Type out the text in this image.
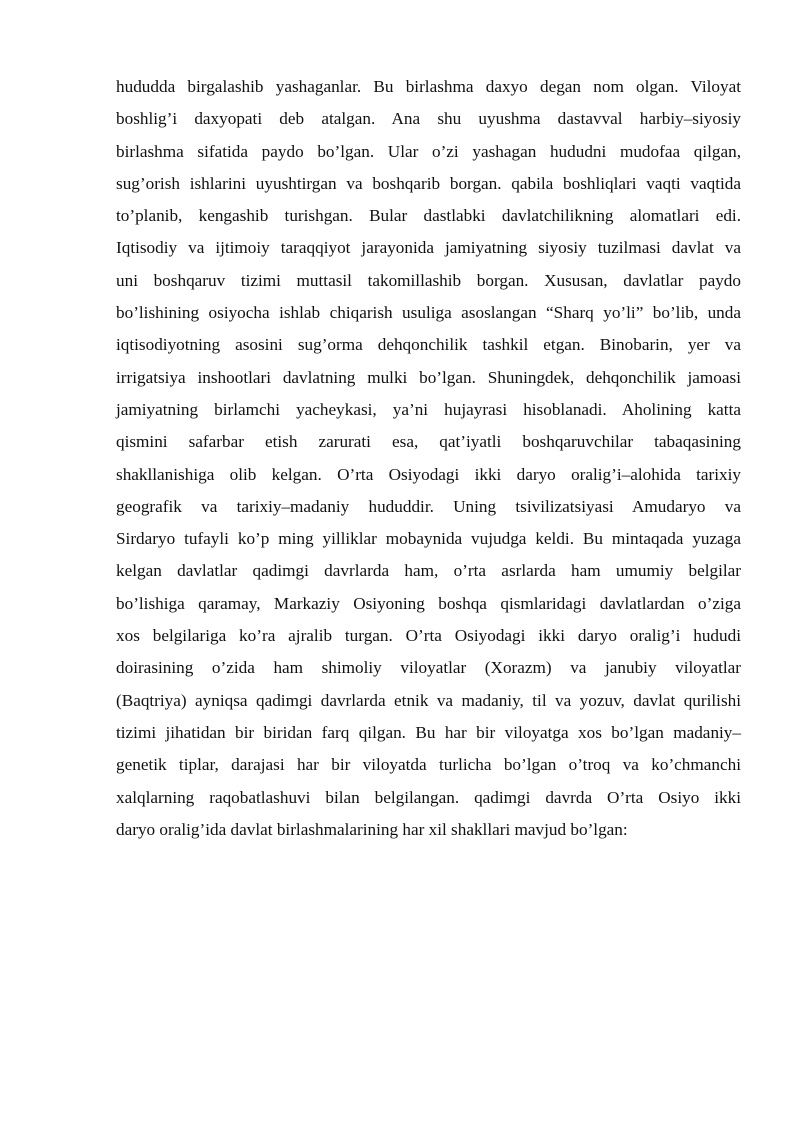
hududda birgalashib yashaganlar. Bu birlashma daxyo degan nom olgan. Viloyat
boshlig’i daxyopati deb atalgan. Ana shu uyushma dastavval harbiy–siyosiy
birlashma sifatida paydo bo’lgan. Ular o’zi yashagan hududni mudofaa qilgan,
sug’orish ishlarini uyushtirgan va boshqarib borgan. qabila boshliqlari vaqti vaqtida
to’planib, kengashib turishgan. Bular dastlabki davlatchilikning alomatlari edi.
Iqtisodiy va ijtimoiy taraqqiyot jarayonida jamiyatning siyosiy tuzilmasi davlat va
uni boshqaruv tizimi muttasil takomillashib borgan. Xususan, davlatlar paydo
bo’lishining osiyocha ishlab chiqarish usuliga asoslangan “Sharq yo’li” bo’lib, unda
iqtisodiyotning asosini sug’orma dehqonchilik tashkil etgan. Binobarin, yer va
irrigatsiya inshootlari davlatning mulki bo’lgan. Shuningdek, dehqonchilik jamoasi
jamiyatning birlamchi yacheykasi, ya’ni hujayrasi hisoblanadi. Aholining katta
qismini safarbar etish zarurati esa, qat’iyatli boshqaruvchilar tabaqasining
shakllanishiga olib kelgan. O’rta Osiyodagi ikki daryo oralig’i–alohida tarixiy
geografik va tarixiy–madaniy hududdir. Uning tsivilizatsiyasi Amudaryo va
Sirdaryo tufayli ko’p ming yilliklar mobaynida vujudga keldi. Bu mintaqada yuzaga
kelgan davlatlar qadimgi davrlarda ham, o’rta asrlarda ham umumiy belgilar
bo’lishiga qaramay, Markaziy Osiyoning boshqa qismlaridagi davlatlardan o’ziga
xos belgilariga ko’ra ajralib turgan. O’rta Osiyodagi ikki daryo oralig’i hududi
doirasining o’zida ham shimoliy viloyatlar (Xorazm) va janubiy viloyatlar
(Baqtriya) ayniqsa qadimgi davrlarda etnik va madaniy, til va yozuv, davlat qurilishi
tizimi jihatidan bir biridan farq qilgan. Bu har bir viloyatga xos bo’lgan madaniy–
genetik tiplar, darajasi har bir viloyatda turlicha bo’lgan o’troq va ko’chmanchi
xalqlarning raqobatlashuvi bilan belgilangan. qadimgi davrda O’rta Osiyo ikki
daryo oralig’ida davlat birlashmalarining har xil shakllari mavjud bo’lgan:
